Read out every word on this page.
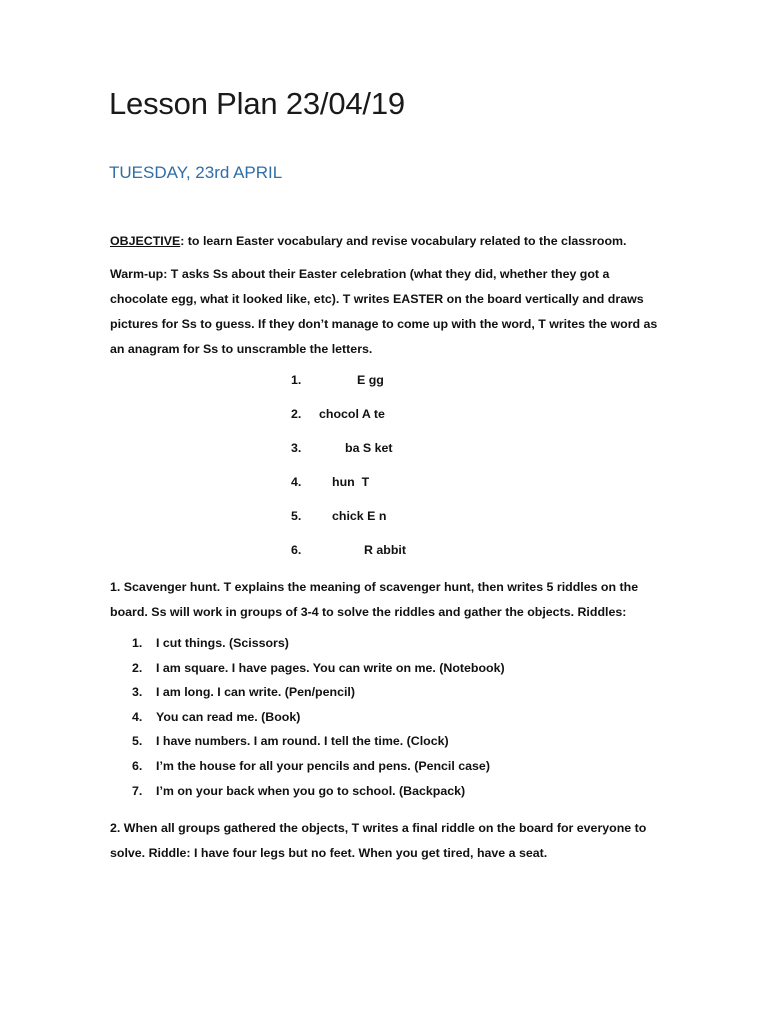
Lesson Plan 23/04/19
TUESDAY, 23rd APRIL
OBJECTIVE: to learn Easter vocabulary and revise vocabulary related to the classroom.
Warm-up: T asks Ss about their Easter celebration (what they did, whether they got a chocolate egg, what it looked like, etc). T writes EASTER on the board vertically and draws pictures for Ss to guess. If they don’t manage to come up with the word, T writes the word as an anagram for Ss to unscramble the letters.
1.	E gg
2. chocol A te
3.	ba S ket
4. hun  T
5. chick E n
6.	R abbit
1. Scavenger hunt. T explains the meaning of scavenger hunt, then writes 5 riddles on the board. Ss will work in groups of 3-4 to solve the riddles and gather the objects. Riddles:
1. I cut things. (Scissors)
2. I am square. I have pages. You can write on me. (Notebook)
3. I am long. I can write. (Pen/pencil)
4. You can read me. (Book)
5. I have numbers. I am round. I tell the time. (Clock)
6. I’m the house for all your pencils and pens. (Pencil case)
7. I’m on your back when you go to school. (Backpack)
2. When all groups gathered the objects, T writes a final riddle on the board for everyone to solve. Riddle: I have four legs but no feet. When you get tired, have a seat.
